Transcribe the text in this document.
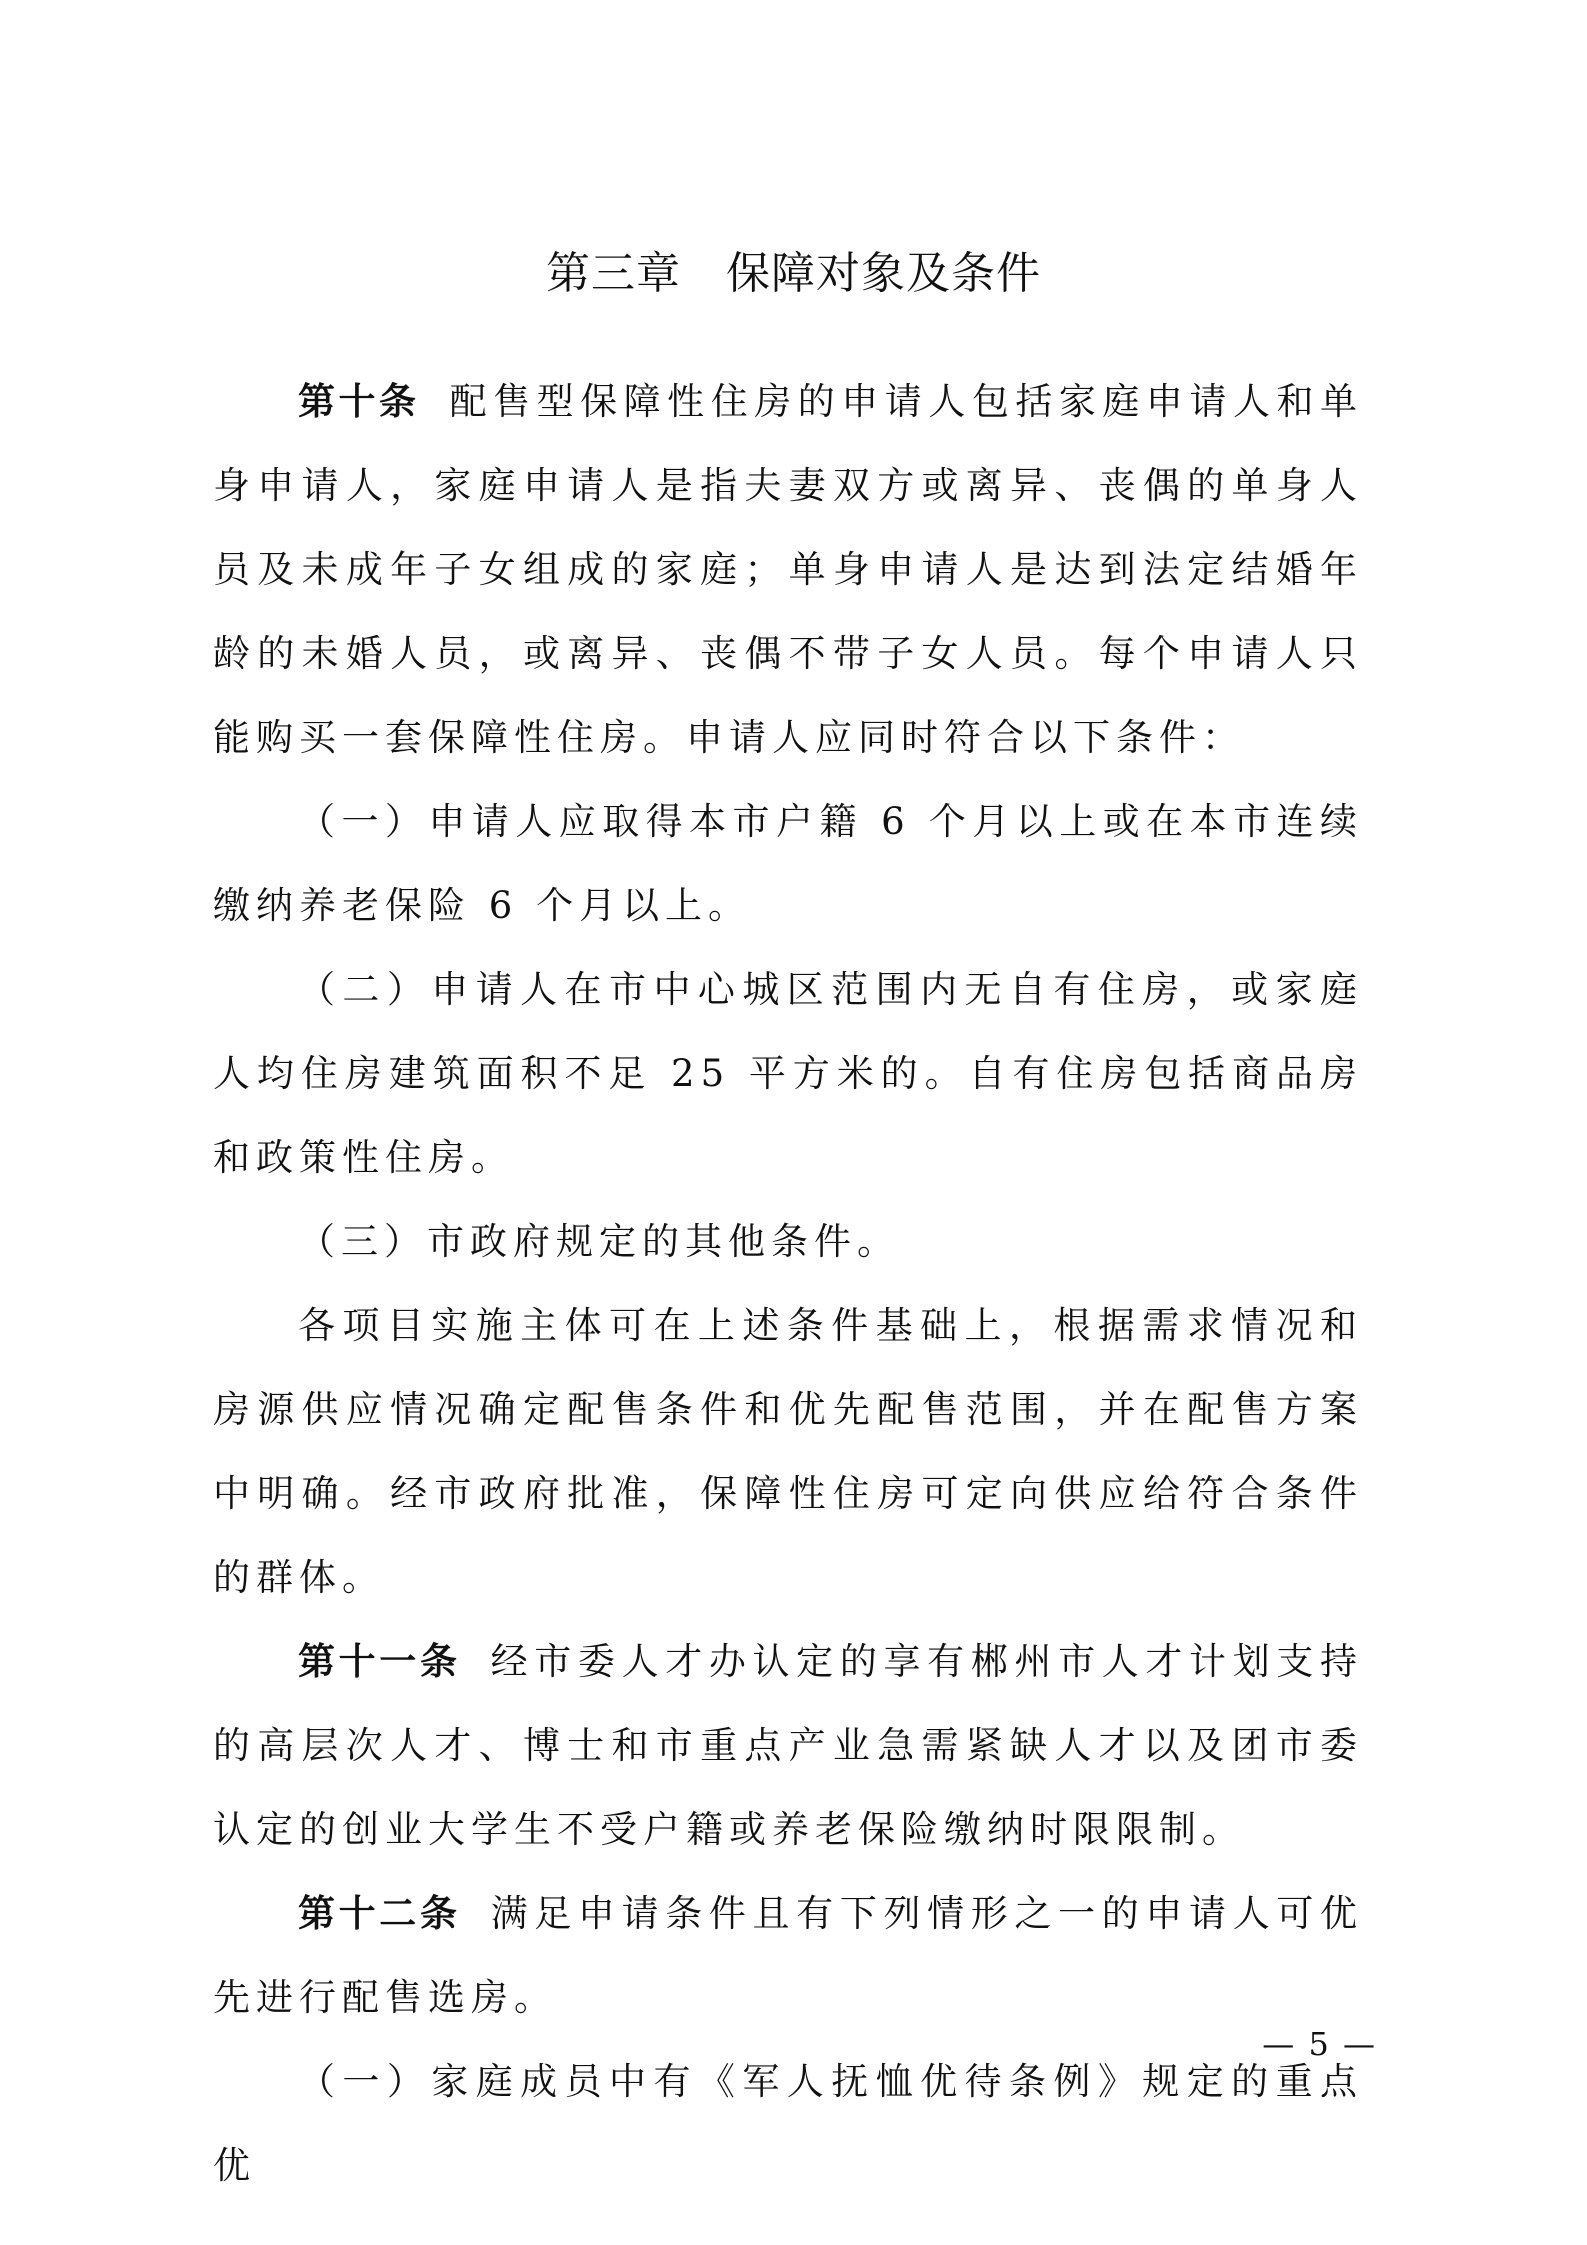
第三章　保障对象及条件

第十条 配售型保障性住房的申请人包括家庭申请人和单身申请人，家庭申请人是指夫妻双方或离异、丧偶的单身人员及未成年子女组成的家庭；单身申请人是达到法定结婚年龄的未婚人员，或离异、丧偶不带子女人员。每个申请人只能购买一套保障性住房。申请人应同时符合以下条件：

（一）申请人应取得本市户籍 6 个月以上或在本市连续缴纳养老保险 6 个月以上。

（二）申请人在市中心城区范围内无自有住房，或家庭人均住房建筑面积不足 25 平方米的。自有住房包括商品房和政策性住房。

（三）市政府规定的其他条件。

各项目实施主体可在上述条件基础上，根据需求情况和房源供应情况确定配售条件和优先配售范围，并在配售方案中明确。经市政府批准，保障性住房可定向供应给符合条件的群体。

第十一条 经市委人才办认定的享有郴州市人才计划支持的高层次人才、博士和市重点产业急需紧缺人才以及团市委认定的创业大学生不受户籍或养老保险缴纳时限限制。

第十二条 满足申请条件且有下列情形之一的申请人可优先进行配售选房。

（一）家庭成员中有《军人抚恤优待条例》规定的重点优

— 5 —
